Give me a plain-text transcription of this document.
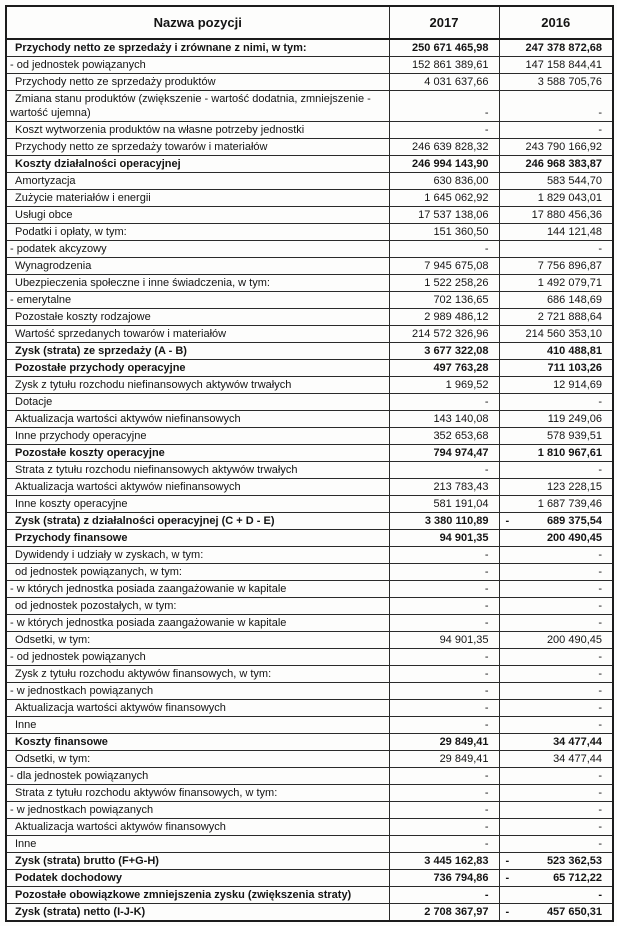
Nazwa pozycji	2017	2016
Przychody netto ze sprzedaży i zrównane z nimi, w tym:	250 671 465,98	247 378 872,68
- od jednostek powiązanych	152 861 389,61	147 158 844,41
Przychody netto ze sprzedaży produktów	4 031 637,66	3 588 705,76
Zmiana stanu produktów (zwiększenie - wartość dodatnia, zmniejszenie - wartość ujemna)	-	-
Koszt wytworzenia produktów na własne potrzeby jednostki	-	-
Przychody netto ze sprzedaży towarów i materiałów	246 639 828,32	243 790 166,92
Koszty działalności operacyjnej	246 994 143,90	246 968 383,87
Amortyzacja	630 836,00	583 544,70
Zużycie materiałów i energii	1 645 062,92	1 829 043,01
Usługi obce	17 537 138,06	17 880 456,36
Podatki i opłaty, w tym:	151 360,50	144 121,48
- podatek akcyzowy	-	-
Wynagrodzenia	7 945 675,08	7 756 896,87
Ubezpieczenia społeczne i inne świadczenia, w tym:	1 522 258,26	1 492 079,71
- emerytalne	702 136,65	686 148,69
Pozostałe koszty rodzajowe	2 989 486,12	2 721 888,64
Wartość sprzedanych towarów i materiałów	214 572 326,96	214 560 353,10
Zysk (strata) ze sprzedaży (A - B)	3 677 322,08	410 488,81
Pozostałe przychody operacyjne	497 763,28	711 103,26
Zysk z tytułu rozchodu niefinansowych aktywów trwałych	1 969,52	12 914,69
Dotacje	-	-
Aktualizacja wartości aktywów niefinansowych	143 140,08	119 249,06
Inne przychody operacyjne	352 653,68	578 939,51
Pozostałe koszty operacyjne	794 974,47	1 810 967,61
Strata z tytułu rozchodu niefinansowych aktywów trwałych	-	-
Aktualizacja wartości aktywów niefinansowych	213 783,43	123 228,15
Inne koszty operacyjne	581 191,04	1 687 739,46
Zysk (strata) z działalności operacyjnej (C + D - E)	3 380 110,89	- 689 375,54
Przychody finansowe	94 901,35	200 490,45
Dywidendy i udziały w zyskach, w tym:	-	-
od jednostek powiązanych, w tym:	-	-
- w których jednostka posiada zaangażowanie w kapitale	-	-
od jednostek pozostałych, w tym:	-	-
- w których jednostka posiada zaangażowanie w kapitale	-	-
Odsetki, w tym:	94 901,35	200 490,45
- od jednostek powiązanych	-	-
Zysk z tytułu rozchodu aktywów finansowych, w tym:	-	-
- w jednostkach powiązanych	-	-
Aktualizacja wartości aktywów finansowych	-	-
Inne	-	-
Koszty finansowe	29 849,41	34 477,44
Odsetki, w tym:	29 849,41	34 477,44
- dla jednostek powiązanych	-	-
Strata z tytułu rozchodu aktywów finansowych, w tym:	-	-
- w jednostkach powiązanych	-	-
Aktualizacja wartości aktywów finansowych	-	-
Inne	-	-
Zysk (strata) brutto (F+G-H)	3 445 162,83	- 523 362,53
Podatek dochodowy	736 794,86	- 65 712,22
Pozostałe obowiązkowe zmniejszenia zysku (zwiększenia straty)	-	-
Zysk (strata) netto (I-J-K)	2 708 367,97	- 457 650,31
